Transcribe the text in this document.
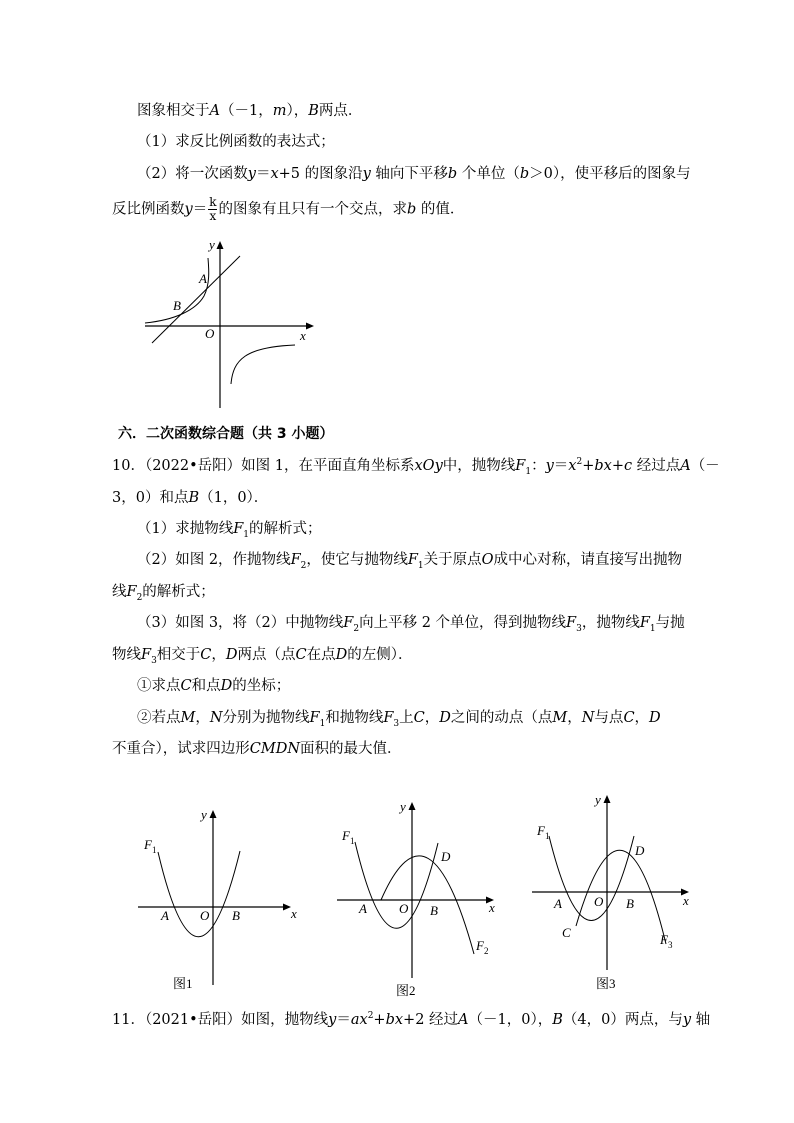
图象相交于A（－1，m），B两点．
（1）求反比例函数的表达式；
（2）将一次函数y＝x+5 的图象沿y 轴向下平移b 个单位（b＞0），使平移后的图象与
反比例函数$y= \frac{k}{x}$ 的图象有且只有一个交点，求b 的值．
y
x
O
A
B
六．二次函数综合题（共 3 小题）
10．（2022•岳阳）如图 1，在平面直角坐标系xOy中，抛物线$F_1$：$y=x^2+bx+c$ 经过点A（－
3，0）和点B（1，0）．
（1）求抛物线$F_1$的解析式；
（2）如图 2，作抛物线$F_2$，使它与抛物线$F_1$关于原点O成中心对称，请直接写出抛物
线$F_2$的解析式；
（3）如图 3，将（2）中抛物线$F_2$向上平移 2 个单位，得到抛物线$F_3$，抛物线$F_1$与抛
物线$F_3$相交于C，D两点（点C在点D的左侧）．
①求点C和点D的坐标；
②若点M，N分别为抛物线$F_1$和抛物线$F_3$上C，D之间的动点（点M，N与点C，D
不重合），试求四边形CMDN面积的最大值．
y
x
O
A	B
$F_1$
图1
y
x
O
A	B
D
$F_1$
$F_2$
图2
y
x
O
A	B
C
D
$F_1$
$F_3$
图3
11．（2021•岳阳）如图，抛物线$y=ax^2+bx+2$ 经过A（－1，0），B（4，0）两点，与y 轴
